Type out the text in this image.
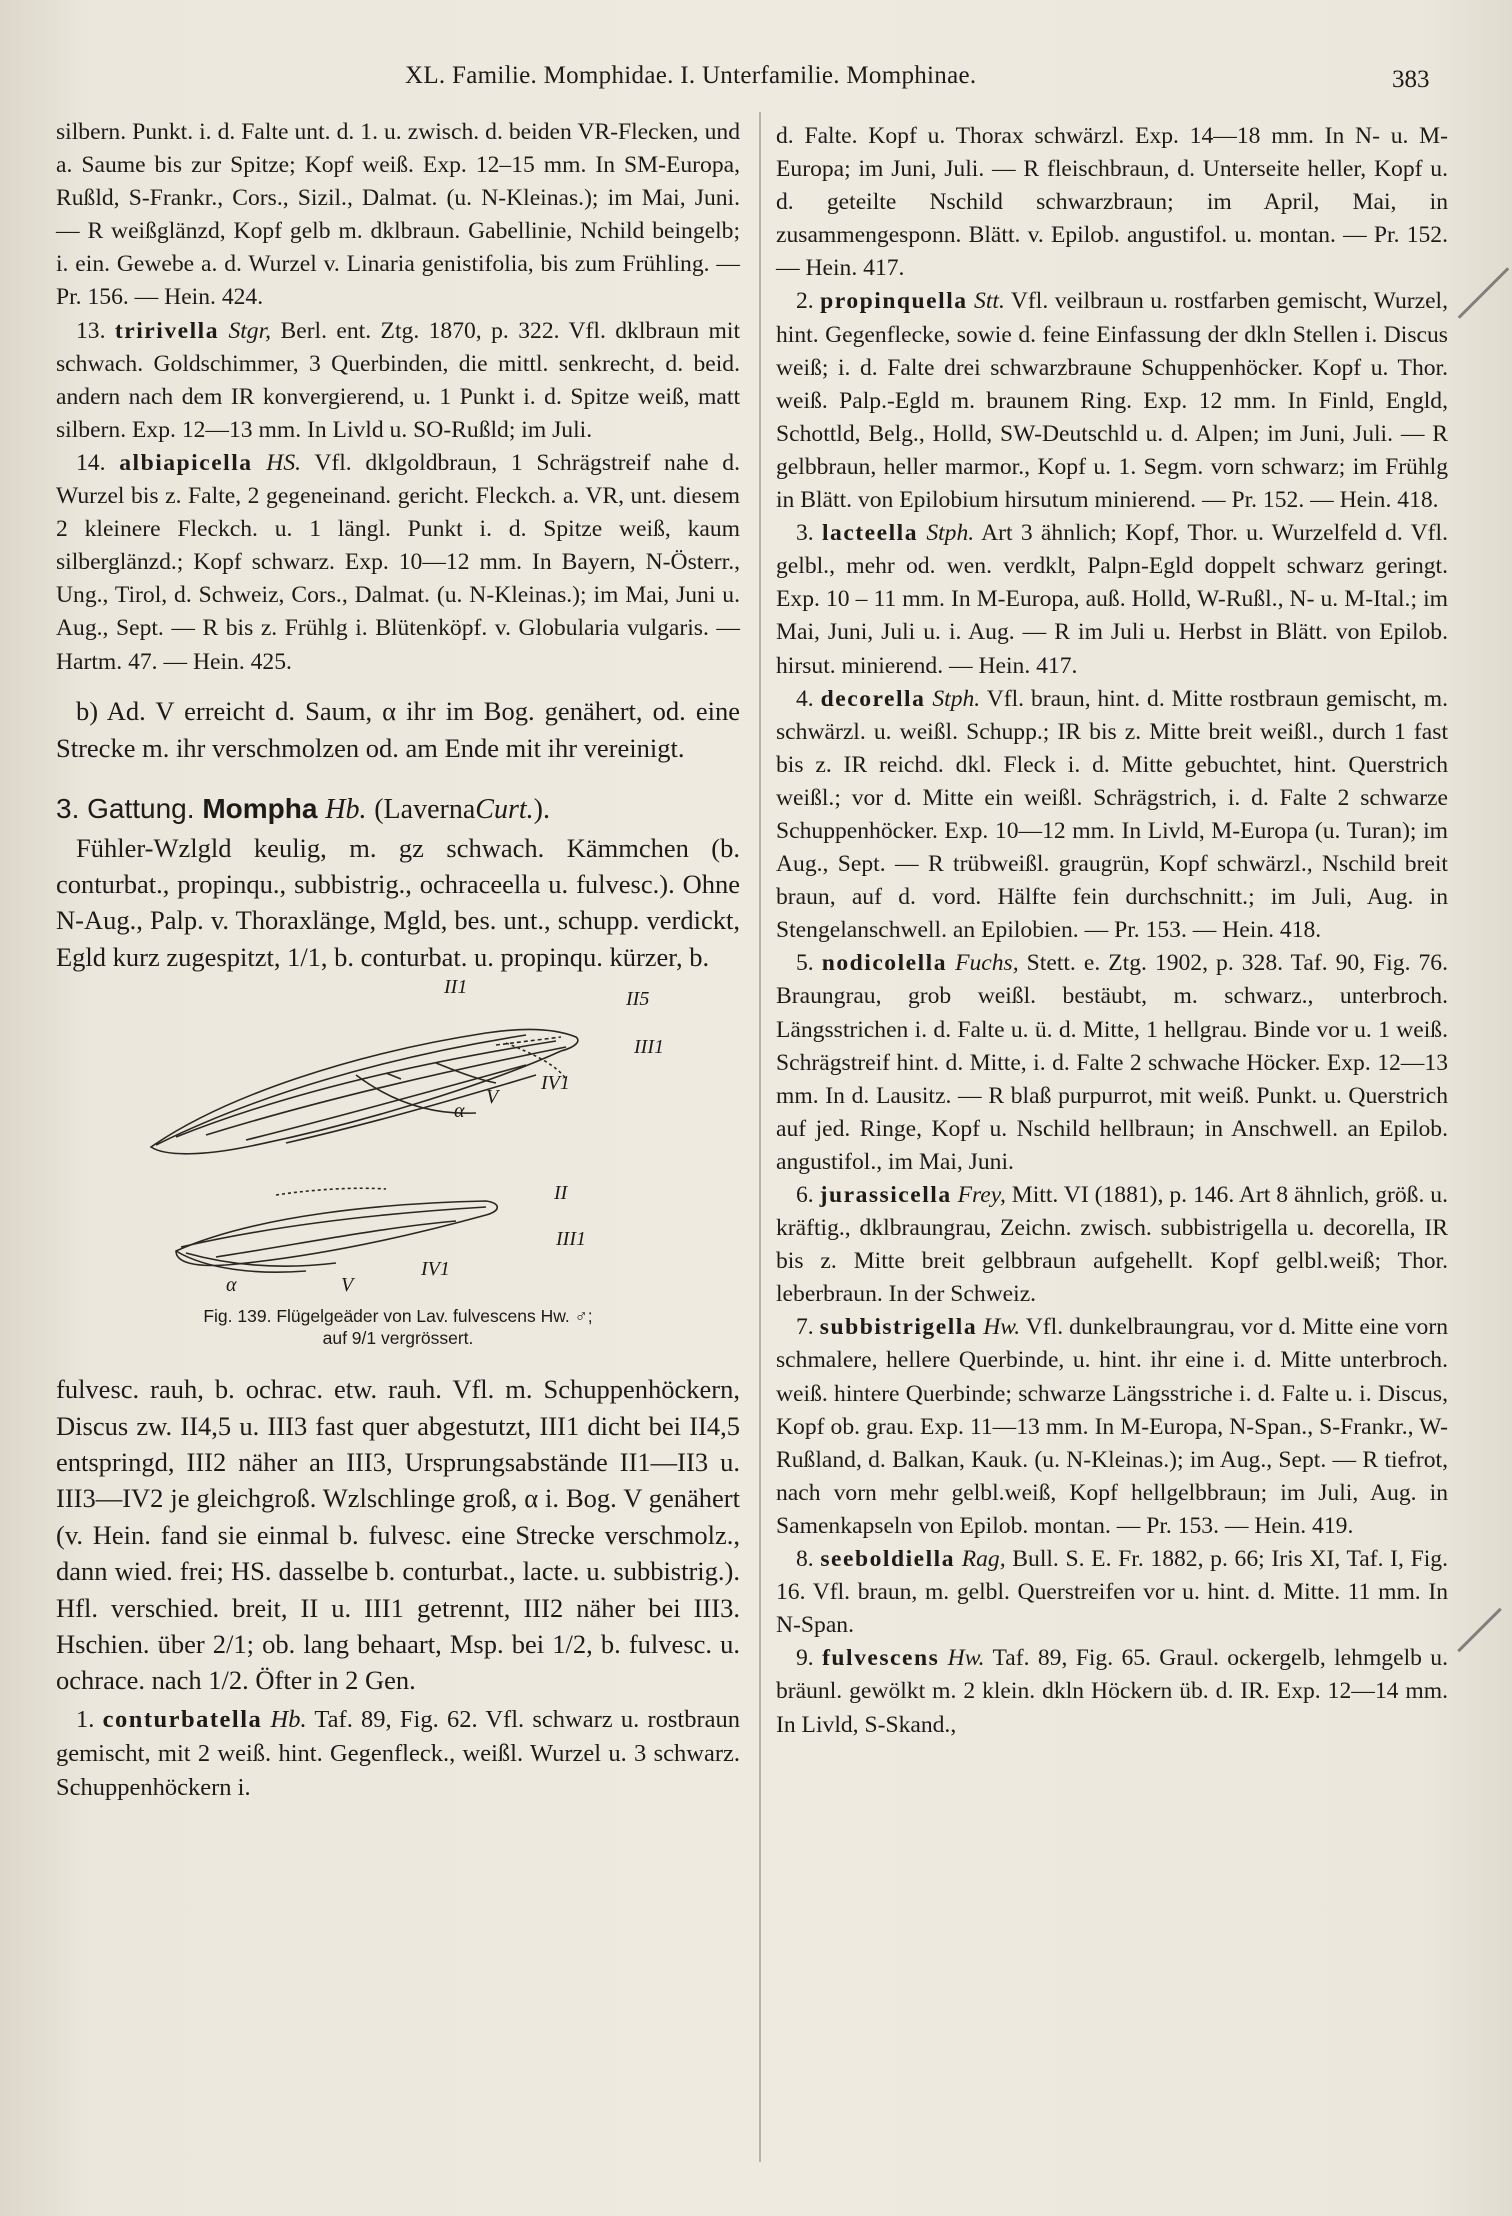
XL. Familie. Momphidae. I. Unterfamilie. Momphinae.	383

silbern. Punkt. i. d. Falte unt. d. 1. u. zwisch. d. beiden VR-Flecken, und a. Saume bis zur Spitze; Kopf weiß. Exp. 12–15 mm. In SM-Europa, Rußld, S-Frankr., Cors., Sizil., Dalmat. (u. N-Kleinas.); im Mai, Juni. — R weißglänzd, Kopf gelb m. dklbraun. Gabellinie, Nchild beingelb; i. ein. Gewebe a. d. Wurzel v. Linaria genistifolia, bis zum Frühling. — Pr. 156. — Hein. 424.

13. tririvella Stgr, Berl. ent. Ztg. 1870, p. 322. Vfl. dklbraun mit schwach. Goldschimmer, 3 Querbinden, die mittl. senkrecht, d. beid. andern nach dem IR konvergierend, u. 1 Punkt i. d. Spitze weiß, matt silbern. Exp. 12—13 mm. In Livld u. SO-Rußld; im Juli.

14. albiapicella HS. Vfl. dklgoldbraun, 1 Schrägstreif nahe d. Wurzel bis z. Falte, 2 gegeneinand. gericht. Fleckch. a. VR, unt. diesem 2 kleinere Fleckch. u. 1 längl. Punkt i. d. Spitze weiß, kaum silberglänzd.; Kopf schwarz. Exp. 10—12 mm. In Bayern, N-Österr., Ung., Tirol, d. Schweiz, Cors., Dalmat. (u. N-Kleinas.); im Mai, Juni u. Aug., Sept. — R bis z. Frühlg i. Blütenköpf. v. Globularia vulgaris. — Hartm. 47. — Hein. 425.

b) Ad. V erreicht d. Saum, α ihr im Bog. genähert, od. eine Strecke m. ihr verschmolzen od. am Ende mit ihr vereinigt.

3. Gattung. Mompha Hb. (LavernaCurt.).

Fühler-Wzlgld keulig, m. gz schwach. Kämmchen (b. conturbat., propinqu., subbistrig., ochraceella u. fulvesc.). Ohne N-Aug., Palp. v. Thoraxlänge, Mgld, bes. unt., schupp. verdickt, Egld kurz zugespitzt, 1/1, b. conturbat. u. propinqu. kürzer, b.

II1
II5
III1
IV1
α
V
II
III1
IV1
α	V
Fig. 139. Flügelgeäder von Lav. fulvescens Hw. ♂;
auf 9/1 vergrössert.

fulvesc. rauh, b. ochrac. etw. rauh. Vfl. m. Schuppenhöckern, Discus zw. II4,5 u. III3 fast quer abgestutzt, III1 dicht bei II4,5 entspringd, III2 näher an III3, Ursprungsabstände II1—II3 u. III3—IV2 je gleichgroß. Wzlschlinge groß, α i. Bog. V genähert (v. Hein. fand sie einmal b. fulvesc. eine Strecke verschmolz., dann wied. frei; HS. dasselbe b. conturbat., lacte. u. subbistrig.). Hfl. verschied. breit, II u. III1 getrennt, III2 näher bei III3. Hschien. über 2/1; ob. lang behaart, Msp. bei 1/2, b. fulvesc. u. ochrace. nach 1/2. Öfter in 2 Gen.

1. conturbatella Hb. Taf. 89, Fig. 62. Vfl. schwarz u. rostbraun gemischt, mit 2 weiß. hint. Gegenfleck., weißl. Wurzel u. 3 schwarz. Schuppenhöckern i.

d. Falte. Kopf u. Thorax schwärzl. Exp. 14—18 mm. In N- u. M-Europa; im Juni, Juli. — R fleischbraun, d. Unterseite heller, Kopf u. d. geteilte Nschild schwarzbraun; im April, Mai, in zusammengesponn. Blätt. v. Epilob. angustifol. u. montan. — Pr. 152. — Hein. 417.

2. propinquella Stt. Vfl. veilbraun u. rostfarben gemischt, Wurzel, hint. Gegenflecke, sowie d. feine Einfassung der dkln Stellen i. Discus weiß; i. d. Falte drei schwarzbraune Schuppenhöcker. Kopf u. Thor. weiß. Palp.-Egld m. braunem Ring. Exp. 12 mm. In Finld, Engld, Schottld, Belg., Holld, SW-Deutschld u. d. Alpen; im Juni, Juli. — R gelbbraun, heller marmor., Kopf u. 1. Segm. vorn schwarz; im Frühlg in Blätt. von Epilobium hirsutum minierend. — Pr. 152. — Hein. 418.

3. lacteella Stph. Art 3 ähnlich; Kopf, Thor. u. Wurzelfeld d. Vfl. gelbl., mehr od. wen. verdklt, Palpn-Egld doppelt schwarz geringt. Exp. 10 – 11 mm. In M-Europa, auß. Holld, W-Rußl., N- u. M-Ital.; im Mai, Juni, Juli u. i. Aug. — R im Juli u. Herbst in Blätt. von Epilob. hirsut. minierend. — Hein. 417.

4. decorella Stph. Vfl. braun, hint. d. Mitte rostbraun gemischt, m. schwärzl. u. weißl. Schupp.; IR bis z. Mitte breit weißl., durch 1 fast bis z. IR reichd. dkl. Fleck i. d. Mitte gebuchtet, hint. Querstrich weißl.; vor d. Mitte ein weißl. Schrägstrich, i. d. Falte 2 schwarze Schuppenhöcker. Exp. 10—12 mm. In Livld, M-Europa (u. Turan); im Aug., Sept. — R trübweißl. graugrün, Kopf schwärzl., Nschild breit braun, auf d. vord. Hälfte fein durchschnitt.; im Juli, Aug. in Stengelanschwell. an Epilobien. — Pr. 153. — Hein. 418.

5. nodicolella Fuchs, Stett. e. Ztg. 1902, p. 328. Taf. 90, Fig. 76. Braungrau, grob weißl. bestäubt, m. schwarz., unterbroch. Längsstrichen i. d. Falte u. ü. d. Mitte, 1 hellgrau. Binde vor u. 1 weiß. Schrägstreif hint. d. Mitte, i. d. Falte 2 schwache Höcker. Exp. 12—13 mm. In d. Lausitz. — R blaß purpurrot, mit weiß. Punkt. u. Querstrich auf jed. Ringe, Kopf u. Nschild hellbraun; in Anschwell. an Epilob. angustifol., im Mai, Juni.

6. jurassicella Frey, Mitt. VI (1881), p. 146. Art 8 ähnlich, größ. u. kräftig., dklbraungrau, Zeichn. zwisch. subbistrigella u. decorella, IR bis z. Mitte breit gelbbraun aufgehellt. Kopf gelbl.weiß; Thor. leberbraun. In der Schweiz.

7. subbistrigella Hw. Vfl. dunkelbraungrau, vor d. Mitte eine vorn schmalere, hellere Querbinde, u. hint. ihr eine i. d. Mitte unterbroch. weiß. hintere Querbinde; schwarze Längsstriche i. d. Falte u. i. Discus, Kopf ob. grau. Exp. 11—13 mm. In M-Europa, N-Span., S-Frankr., W-Rußland, d. Balkan, Kauk. (u. N-Kleinas.); im Aug., Sept. — R tiefrot, nach vorn mehr gelbl.weiß, Kopf hellgelbbraun; im Juli, Aug. in Samenkapseln von Epilob. montan. — Pr. 153. — Hein. 419.

8. seeboldiella Rag, Bull. S. E. Fr. 1882, p. 66; Iris XI, Taf. I, Fig. 16. Vfl. braun, m. gelbl. Querstreifen vor u. hint. d. Mitte. 11 mm. In N-Span.

9. fulvescens Hw. Taf. 89, Fig. 65. Graul. ockergelb, lehmgelb u. bräunl. gewölkt m. 2 klein. dkln Höckern üb. d. IR. Exp. 12—14 mm. In Livld, S-Skand.,
